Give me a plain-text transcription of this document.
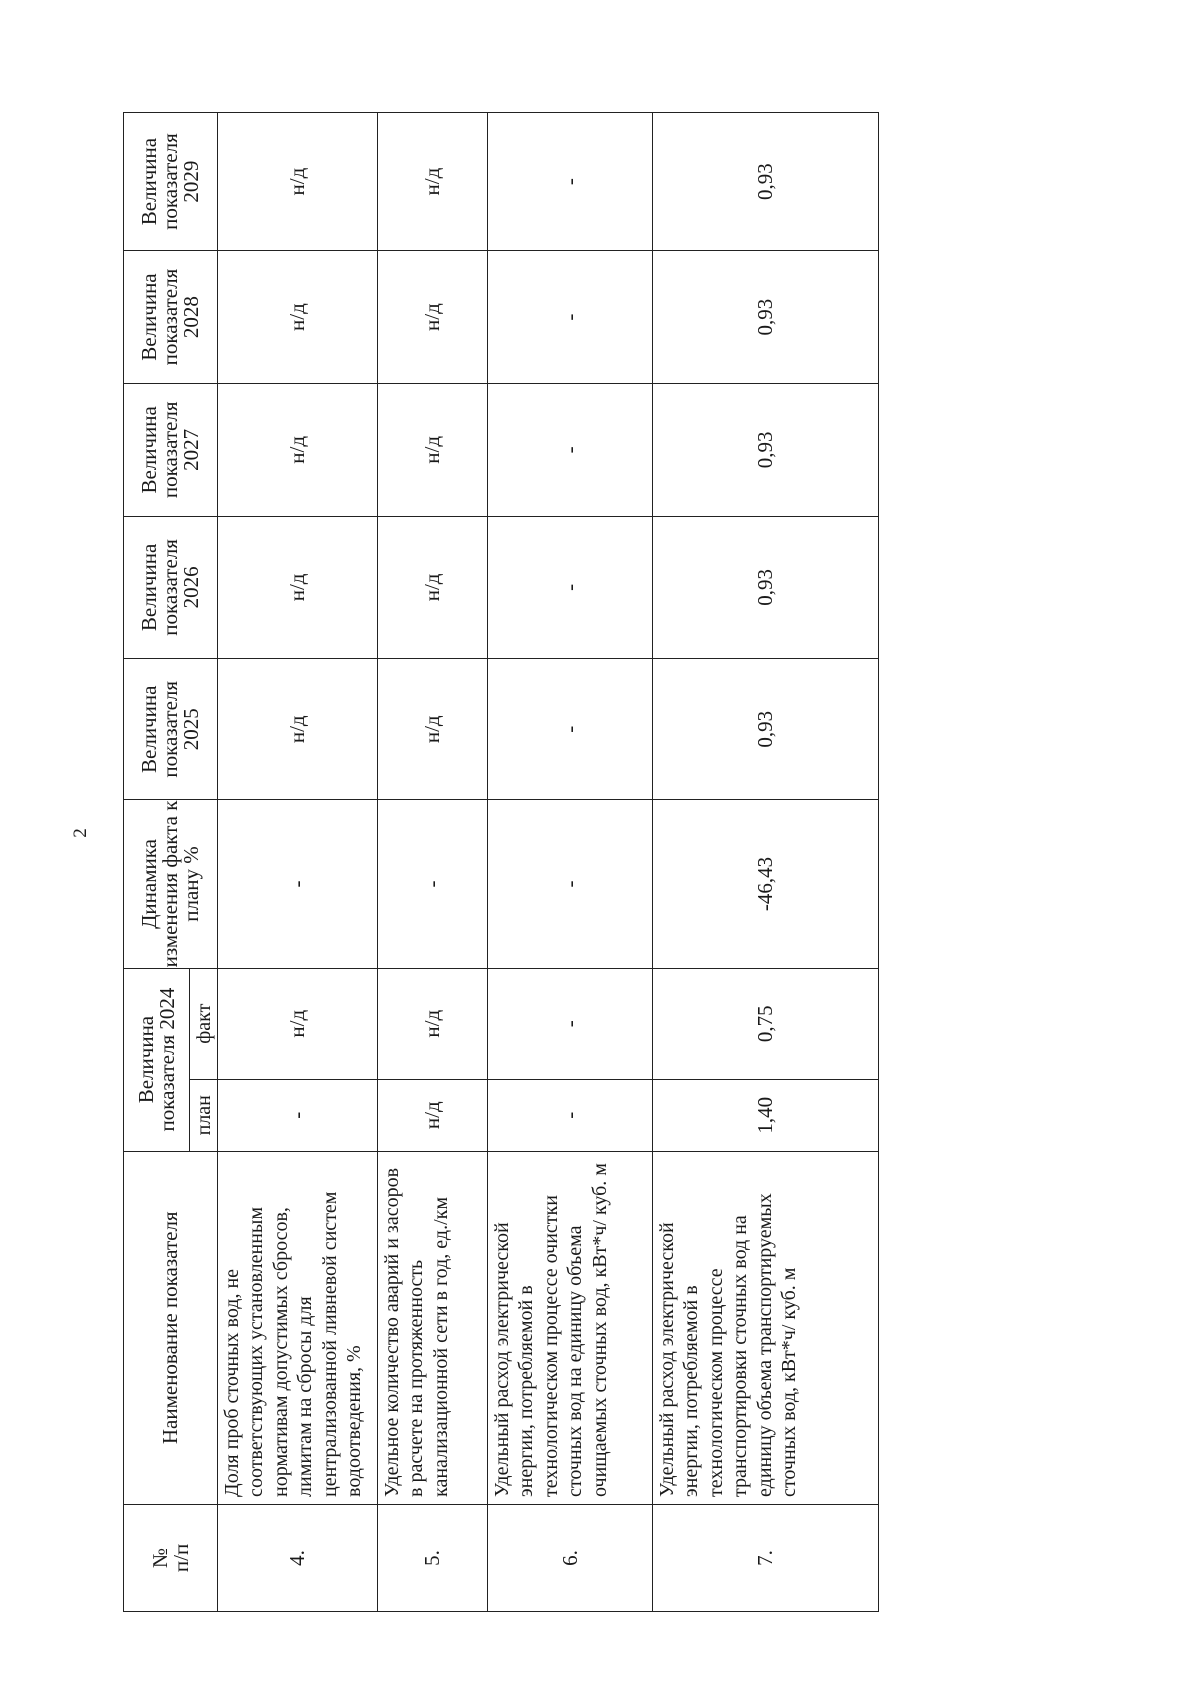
2
№
п/п	Наименование показателя	Величина показателя 2024		Динамика изменения факта к плану %	Величина показателя 2025	Величина показателя 2026	Величина показателя 2027	Величина показателя 2028	Величина показателя 2029
		план	факт						
4.	Доля проб сточных вод, не соответствующих установленным нормативам допустимых сбросов, лимитам на сбросы для централизованной ливневой систем водоотведения, %	-	н/д	-	н/д	н/д	н/д	н/д	н/д
5.	Удельное количество аварий и засоров в расчете на протяженность канализационной сети в год, ед./км	н/д	н/д	-	н/д	н/д	н/д	н/д	н/д
6.	Удельный расход электрической энергии, потребляемой в технологическом процессе очистки сточных вод на единицу объема очищаемых сточных вод, кВт*ч/ куб. м	-	-	-	-	-	-	-	-
7.	Удельный расход электрической энергии, потребляемой в технологическом процессе транспортировки сточных вод на единицу объема транспортируемых сточных вод, кВт*ч/ куб. м	1,40	0,75	-46,43	0,93	0,93	0,93	0,93	0,93
